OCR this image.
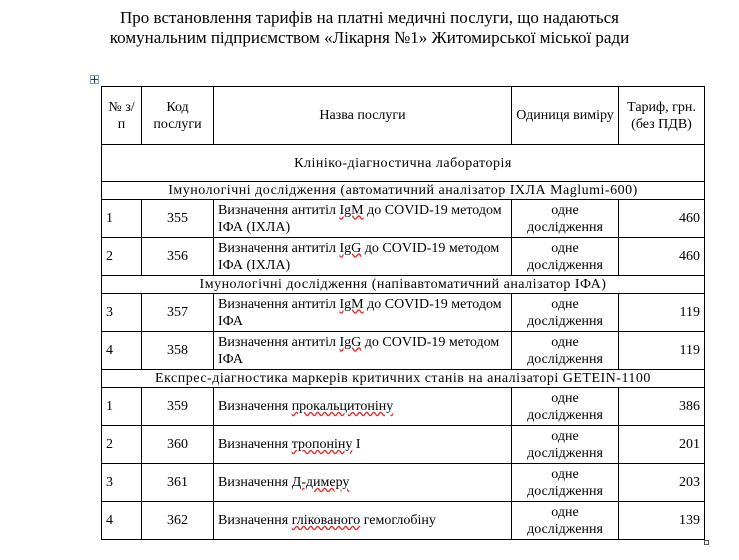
Про встановлення тарифів на платні медичні послуги, що надаються
комунальним підприємством «Лікарня №1» Житомирської міської ради
№ з/п	Код послуги	Назва послуги	Одиниця виміру	Тариф, грн. (без ПДВ)
Клініко-діагностична лабораторія				
Імунологічні дослідження (автоматичний аналізатор ІХЛА Maglumi-600)				
1	355	Визначення антитіл IgM до COVID-19 методом ІФА (ІХЛА)	одне дослідження	460
2	356	Визначення антитіл IgG до COVID-19 методом ІФА (ІХЛА)	одне дослідження	460
Імунологічні дослідження (напівавтоматичний аналізатор ІФА)				
3	357	Визначення антитіл IgM до COVID-19 методом ІФА	одне дослідження	119
4	358	Визначення антитіл IgG до COVID-19 методом ІФА	одне дослідження	119
Експрес-діагностика маркерів критичних станів на аналізаторі GETEIN-1100				
1	359	Визначення прокальцитоніну	одне дослідження	386
2	360	Визначення тропоніну І	одне дослідження	201
3	361	Визначення Д-димеру	одне дослідження	203
4	362	Визначення глікованого гемоглобіну	одне дослідження	139
